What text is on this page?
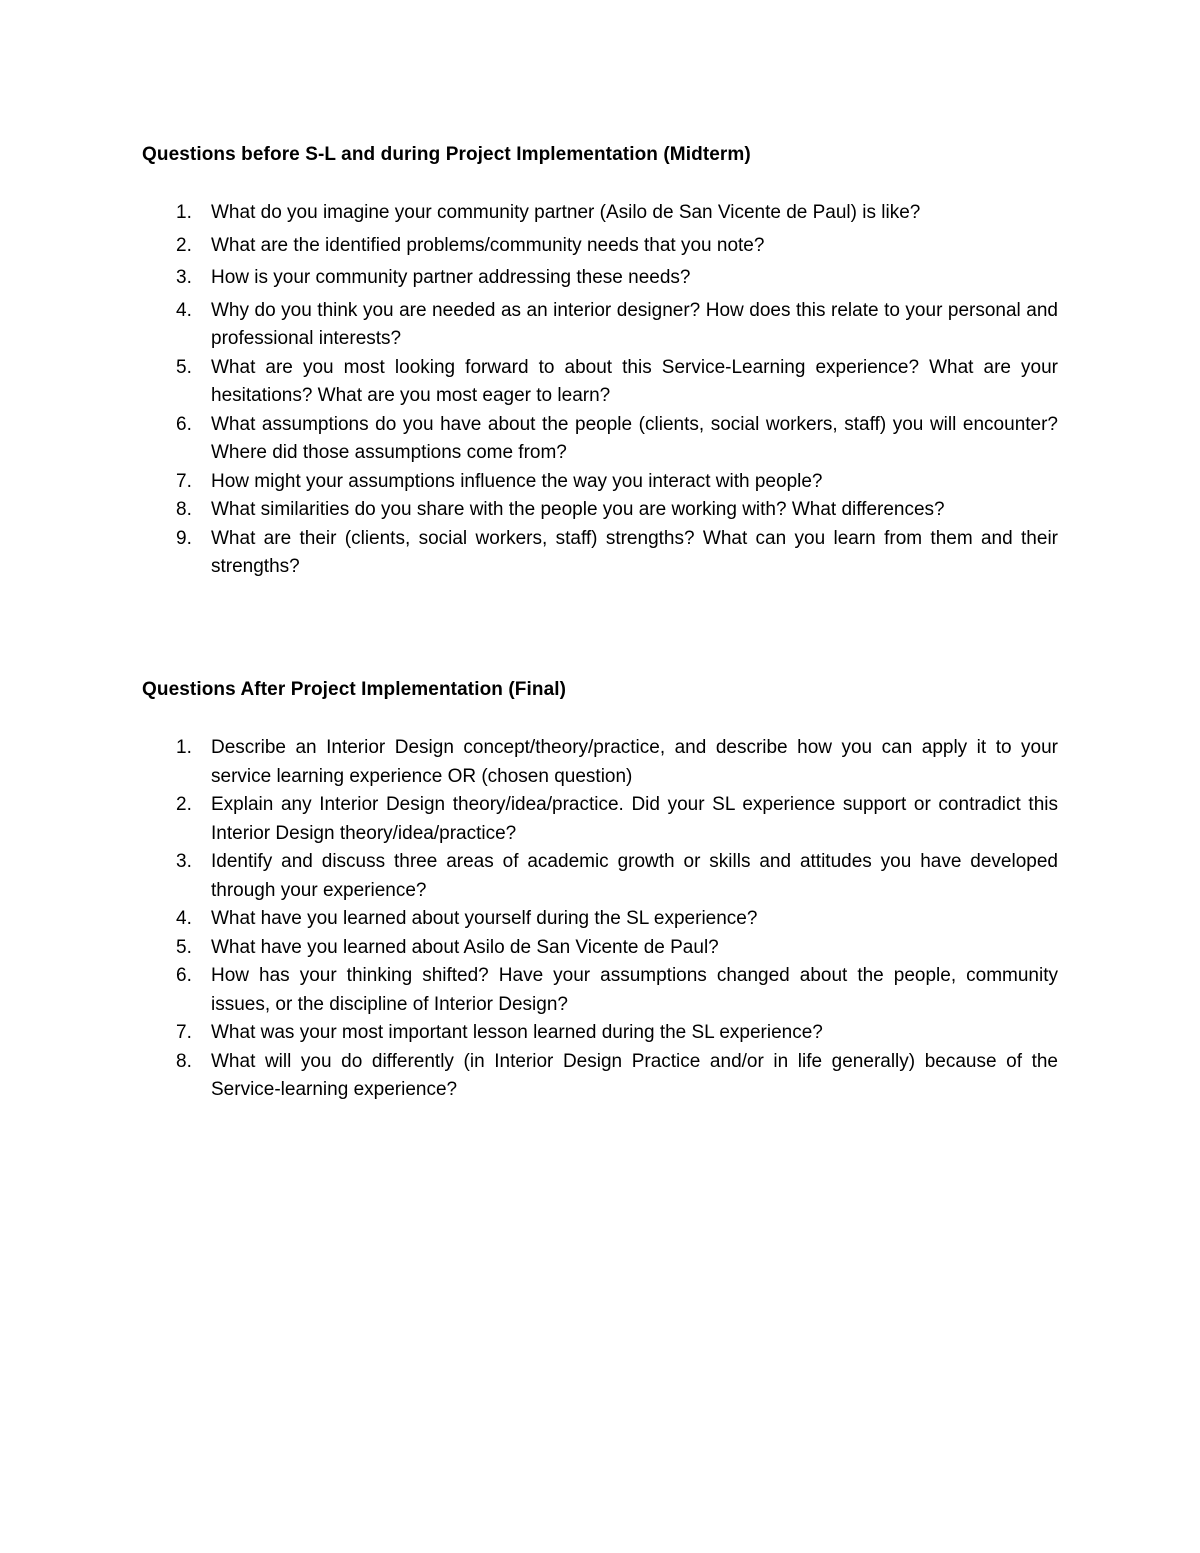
Questions before S-L and during Project Implementation (Midterm)
1.	What do you imagine your community partner (Asilo de San Vicente de Paul) is like?
2.	What are the identified problems/community needs that you note?
3.	How is your community partner addressing these needs?
4.	Why do you think you are needed as an interior designer? How does this relate to your personal and professional interests?
5.	What are you most looking forward to about this Service-Learning experience? What are your hesitations? What are you most eager to learn?
6.	What assumptions do you have about the people (clients, social workers, staff) you will encounter? Where did those assumptions come from?
7.	How might your assumptions influence the way you interact with people?
8.	What similarities do you share with the people you are working with? What differences?
9.	What are their (clients, social workers, staff) strengths? What can you learn from them and their strengths?
Questions After Project Implementation (Final)
1.	Describe an Interior Design concept/theory/practice, and describe how you can apply it to your service learning experience OR (chosen question)
2.	Explain any Interior Design theory/idea/practice. Did your SL experience support or contradict this Interior Design theory/idea/practice?
3.	Identify and discuss three areas of academic growth or skills and attitudes you have developed through your experience?
4.	What have you learned about yourself during the SL experience?
5.	What have you learned about Asilo de San Vicente de Paul?
6.	How has your thinking shifted? Have your assumptions changed about the people, community issues, or the discipline of Interior Design?
7.	What was your most important lesson learned during the SL experience?
8.	What will you do differently (in Interior Design Practice and/or in life generally) because of the Service-learning experience?
